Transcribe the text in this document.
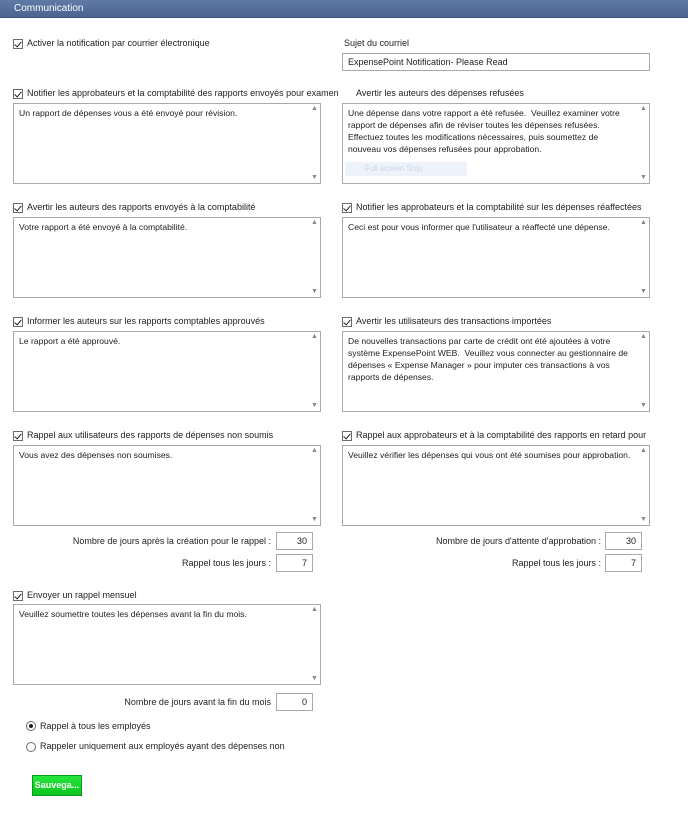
Communication
Activer la notification par courrier électronique	Sujet du courriel
ExpensePoint Notification- Please Read
Notifier les approbateurs et la comptabilité des rapports envoyés pour examen
Un rapport de dépenses vous a été envoyé pour révision.	▲
▼
Avertir les auteurs des dépenses refusées
Une dépense dans votre rapport a été refusée.  Veuillez examiner votre rapport de dépenses afin de réviser toutes les dépenses refusées. Effectuez toutes les modifications nécessaires, puis soumettez de nouveau vos dépenses refusées pour approbation.
▲
▼
Full screen Snip
Avertir les auteurs des rapports envoyés à la comptabilité
Votre rapport a été envoyé à la comptabilité.	▲
▼
Notifier les approbateurs et la comptabilité sur les dépenses réaffectées
Ceci est pour vous informer que l'utilisateur a réaffecté une dépense.	▲
▼
Informer les auteurs sur les rapports comptables approuvés
Le rapport a été approuvé.	▲
▼
Avertir les utilisateurs des transactions importées
De nouvelles transactions par carte de crédit ont été ajoutées à votre système ExpensePoint WEB.  Veuillez vous connecter au gestionnaire de dépenses « Expense Manager » pour imputer ces transactions à vos rapports de dépenses.
▲
▼
Rappel aux utilisateurs des rapports de dépenses non soumis
Vous avez des dépenses non soumises.	▲
▼
Rappel aux approbateurs et à la comptabilité des rapports en retard pour
Veuillez vérifier les dépenses qui vous ont été soumises pour approbation.	▲
▼
Nombre de jours après la création pour le rappel :	30
Rappel tous les jours :	7
Nombre de jours d'attente d'approbation :	30
Rappel tous les jours :	7
Envoyer un rappel mensuel
Veuillez soumettre toutes les dépenses avant la fin du mois.	▲
▼
Nombre de jours avant la fin du mois	0
Rappel à tous les employés
Rappeler uniquement aux employés ayant des dépenses non
Sauvega...
